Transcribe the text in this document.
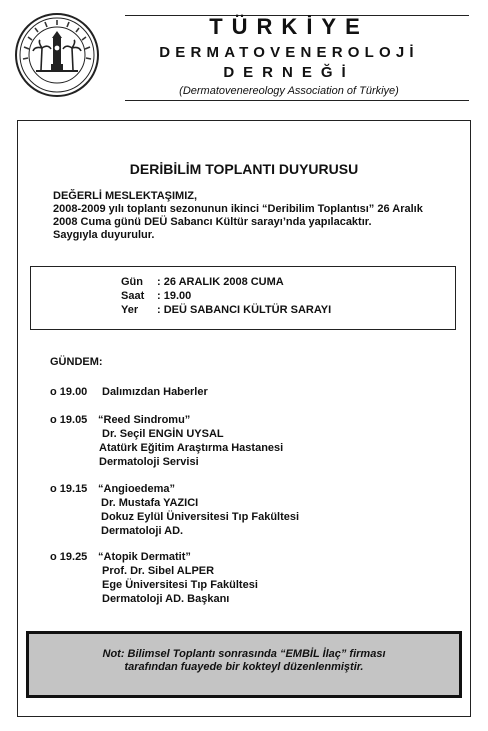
TÜRKİYE
DERMATOVENEROLOJİ
DERNEĞİ
(Dermatovenereology Association of Türkiye)
DERİBİLİM TOPLANTI DUYURUSU
DEĞERLİ MESLEKTAŞIMIZ,
2008-2009 yılı toplantı sezonunun ikinci “Deribilim Toplantısı” 26 Aralık
2008 Cuma günü DEÜ Sabancı Kültür sarayı’nda yapılacaktır.
Saygıyla duyurulur.
Gün : 26 ARALIK 2008 CUMA
Saat : 19.00
Yer : DEÜ SABANCI KÜLTÜR SARAYI
GÜNDEM:
o 19.00 Dalımızdan Haberler
o 19.05 “Reed Sindromu”
Dr. Seçil ENGİN UYSAL
Atatürk Eğitim Araştırma Hastanesi
Dermatoloji Servisi
o 19.15 “Angioedema”
Dr. Mustafa YAZICI
Dokuz Eylül Üniversitesi Tıp Fakültesi
Dermatoloji AD.
o 19.25 “Atopik Dermatit”
Prof. Dr. Sibel ALPER
Ege Üniversitesi Tıp Fakültesi
Dermatoloji AD. Başkanı
Not: Bilimsel Toplantı sonrasında “EMBİL İlaç” firması
tarafından fuayede bir kokteyl düzenlenmiştir.
